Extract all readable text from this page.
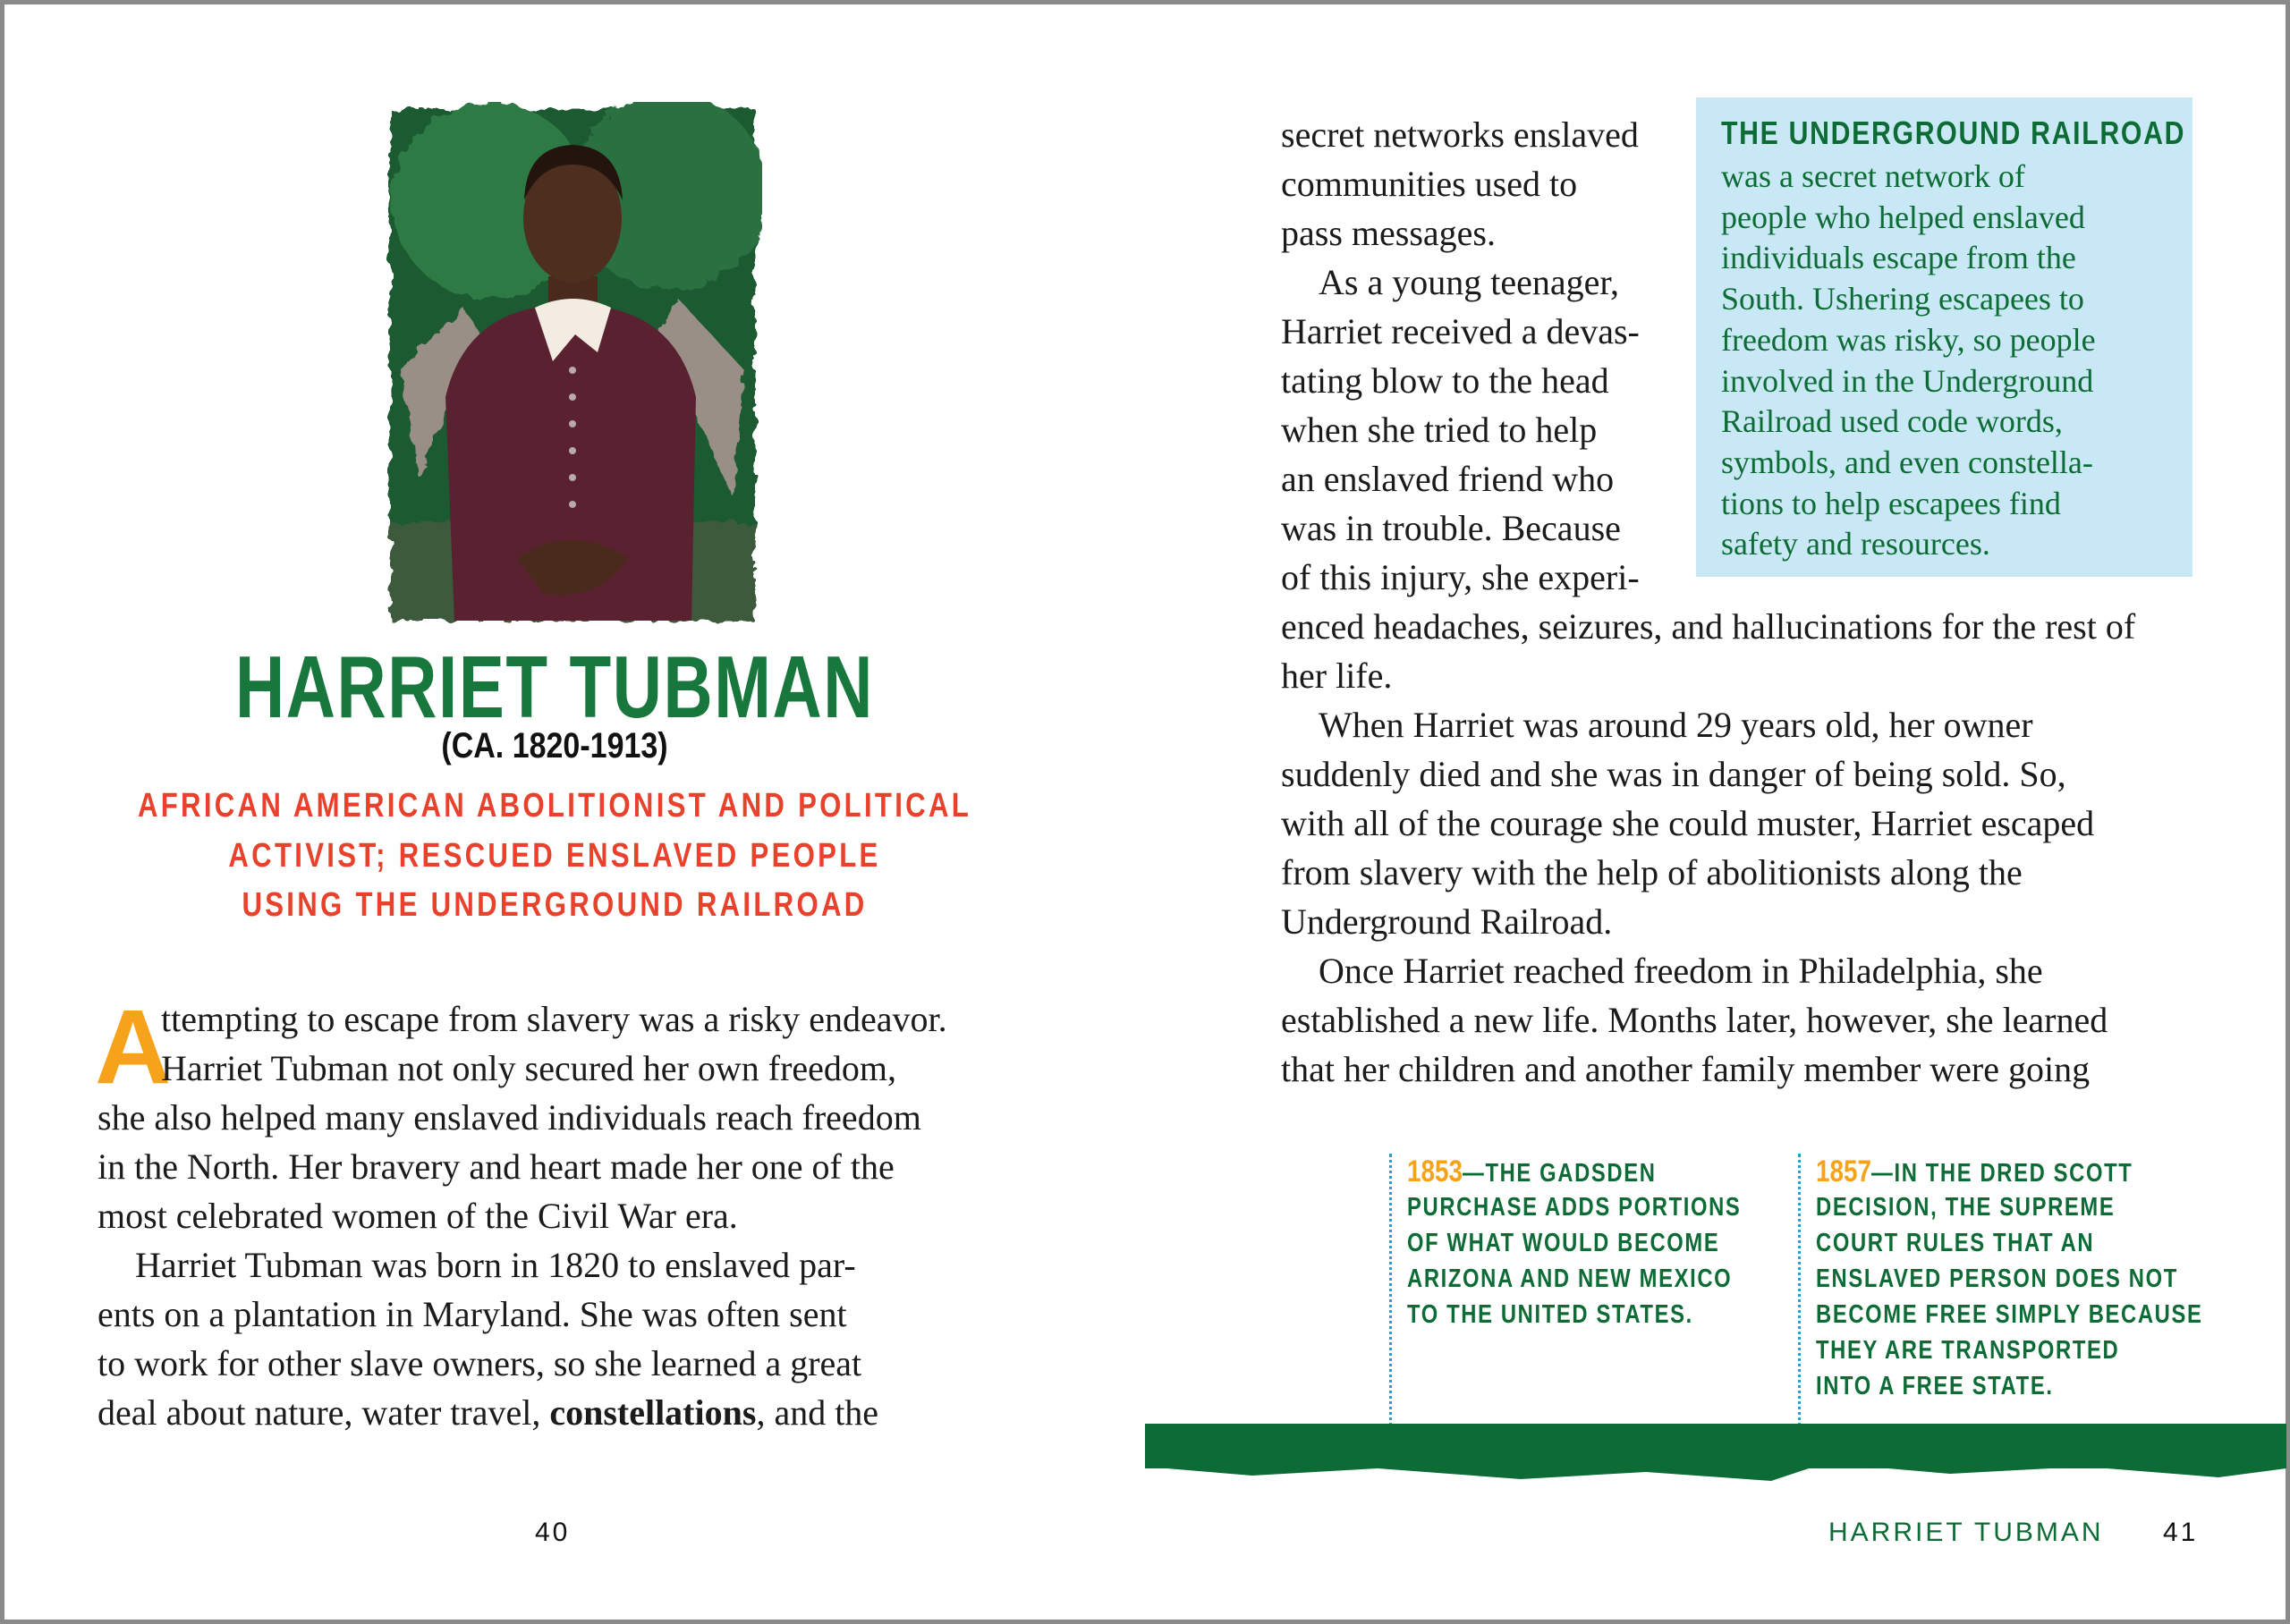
HARRIET TUBMAN
(CA. 1820-1913)
AFRICAN AMERICAN ABOLITIONIST AND POLITICAL
ACTIVIST; RESCUED ENSLAVED PEOPLE
USING THE UNDERGROUND RAILROAD
A
ttempting to escape from slavery was a risky endeavor.
Harriet Tubman not only secured her own freedom,
she also helped many enslaved individuals reach freedom
in the North. Her bravery and heart made her one of the
most celebrated women of the Civil War era.
Harriet Tubman was born in 1820 to enslaved par-
ents on a plantation in Maryland. She was often sent
to work for other slave owners, so she learned a great
deal about nature, water travel, constellations, and the
40
secret networks enslaved
communities used to
pass messages.
As a young teenager,
Harriet received a devas-
tating blow to the head
when she tried to help
an enslaved friend who
was in trouble. Because
of this injury, she experi-
enced headaches, seizures, and hallucinations for the rest of
her life.
When Harriet was around 29 years old, her owner
suddenly died and she was in danger of being sold. So,
with all of the courage she could muster, Harriet escaped
from slavery with the help of abolitionists along the
Underground Railroad.
Once Harriet reached freedom in Philadelphia, she
established a new life. Months later, however, she learned
that her children and another family member were going
THE UNDERGROUND RAILROAD
was a secret network of
people who helped enslaved
individuals escape from the
South. Ushering escapees to
freedom was risky, so people
involved in the Underground
Railroad used code words,
symbols, and even constella-
tions to help escapees find
safety and resources.
1853—THE GADSDEN
PURCHASE ADDS PORTIONS
OF WHAT WOULD BECOME
ARIZONA AND NEW MEXICO
TO THE UNITED STATES.
1857—IN THE DRED SCOTT
DECISION, THE SUPREME
COURT RULES THAT AN
ENSLAVED PERSON DOES NOT
BECOME FREE SIMPLY BECAUSE
THEY ARE TRANSPORTED
INTO A FREE STATE.
HARRIET TUBMAN 41
